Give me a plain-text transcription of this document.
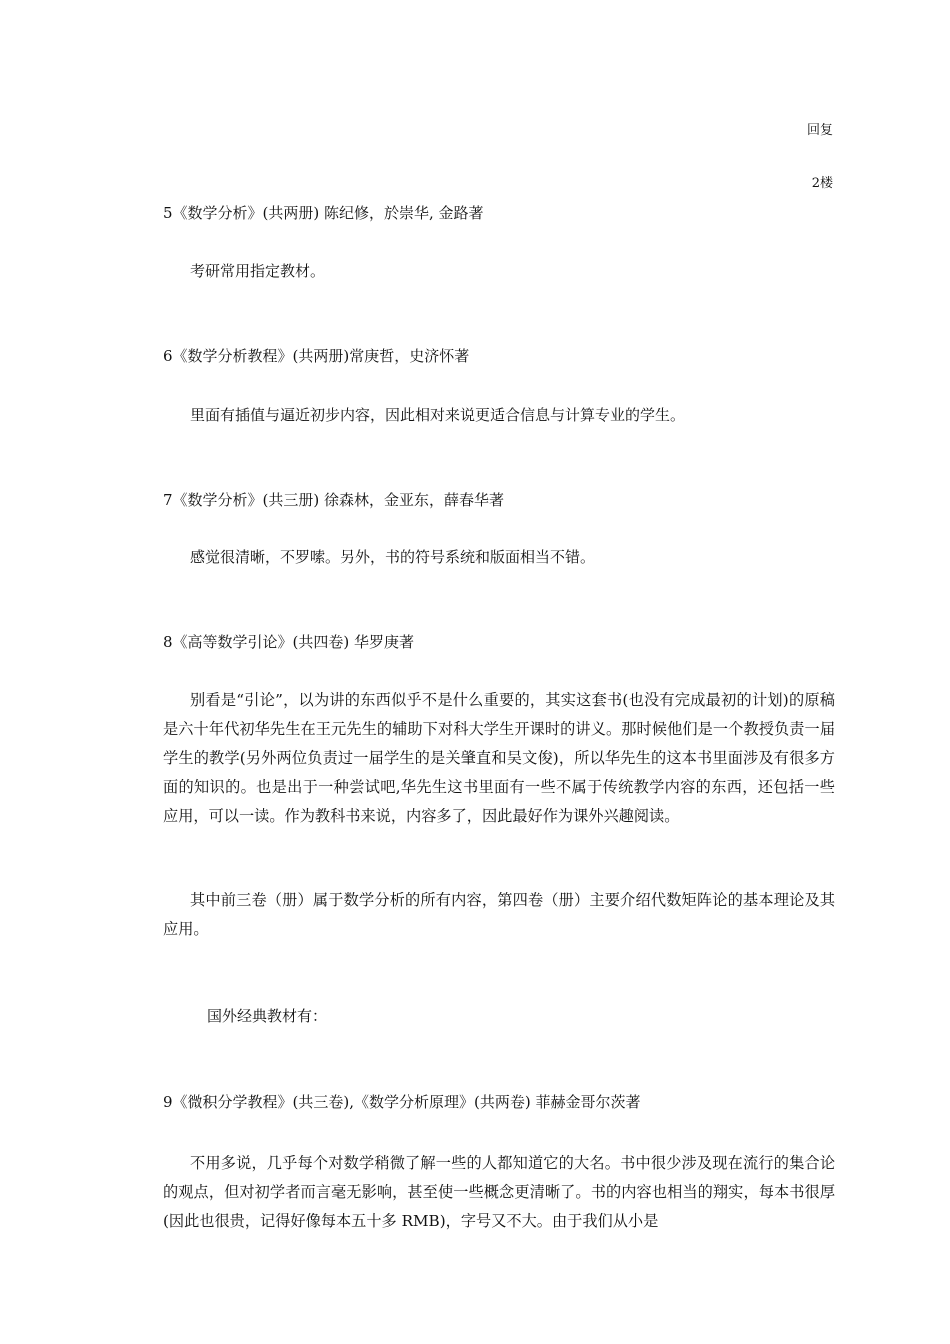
回复
2楼
5《数学分析》(共两册) 陈纪修，於崇华, 金路著
考研常用指定教材。
6《数学分析教程》(共两册)常庚哲，史济怀著
里面有插值与逼近初步内容，因此相对来说更适合信息与计算专业的学生。
7《数学分析》(共三册) 徐森林，金亚东，薛春华著
感觉很清晰，不罗嗦。另外，书的符号系统和版面相当不错。
8《高等数学引论》(共四卷) 华罗庚著
别看是“引论”，以为讲的东西似乎不是什么重要的，其实这套书(也没有完成最初的计划)的原稿是六十年代初华先生在王元先生的辅助下对科大学生开课时的讲义。那时候他们是一个教授负责一届学生的教学(另外两位负责过一届学生的是关肇直和吴文俊)，所以华先生的这本书里面涉及有很多方面的知识的。也是出于一种尝试吧,华先生这书里面有一些不属于传统教学内容的东西，还包括一些应用，可以一读。作为教科书来说，内容多了，因此最好作为课外兴趣阅读。
其中前三卷（册）属于数学分析的所有内容，第四卷（册）主要介绍代数矩阵论的基本理论及其应用。
国外经典教材有：
9《微积分学教程》(共三卷),《数学分析原理》(共两卷) 菲赫金哥尔茨著
不用多说，几乎每个对数学稍微了解一些的人都知道它的大名。书中很少涉及现在流行的集合论的观点，但对初学者而言毫无影响，甚至使一些概念更清晰了。书的内容也相当的翔实，每本书很厚(因此也很贵，记得好像每本五十多 RMB)，字号又不大。由于我们从小是
